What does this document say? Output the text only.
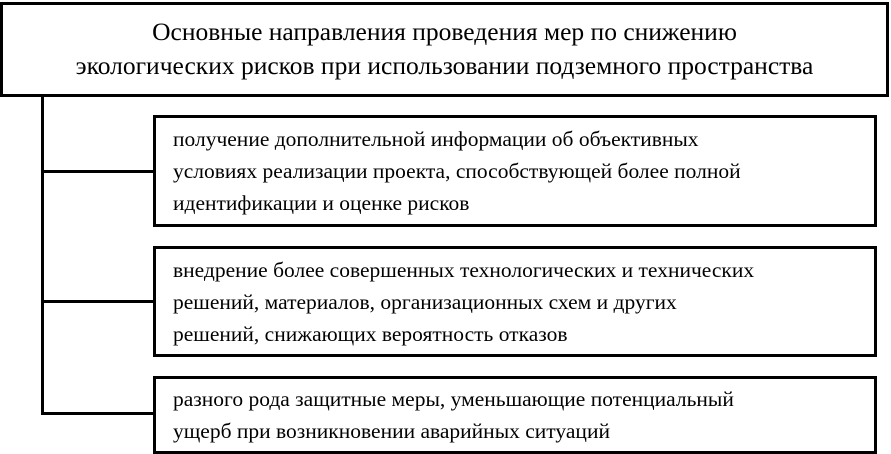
Основные направления проведения мер по снижению
экологических рисков при использовании подземного пространства
получение дополнительной информации об объективных
условиях реализации проекта, способствующей более полной
идентификации и оценке рисков
внедрение более совершенных технологических и технических
решений, материалов, организационных схем и других
решений, снижающих вероятность отказов
разного рода защитные меры, уменьшающие потенциальный
ущерб при возникновении аварийных ситуаций
